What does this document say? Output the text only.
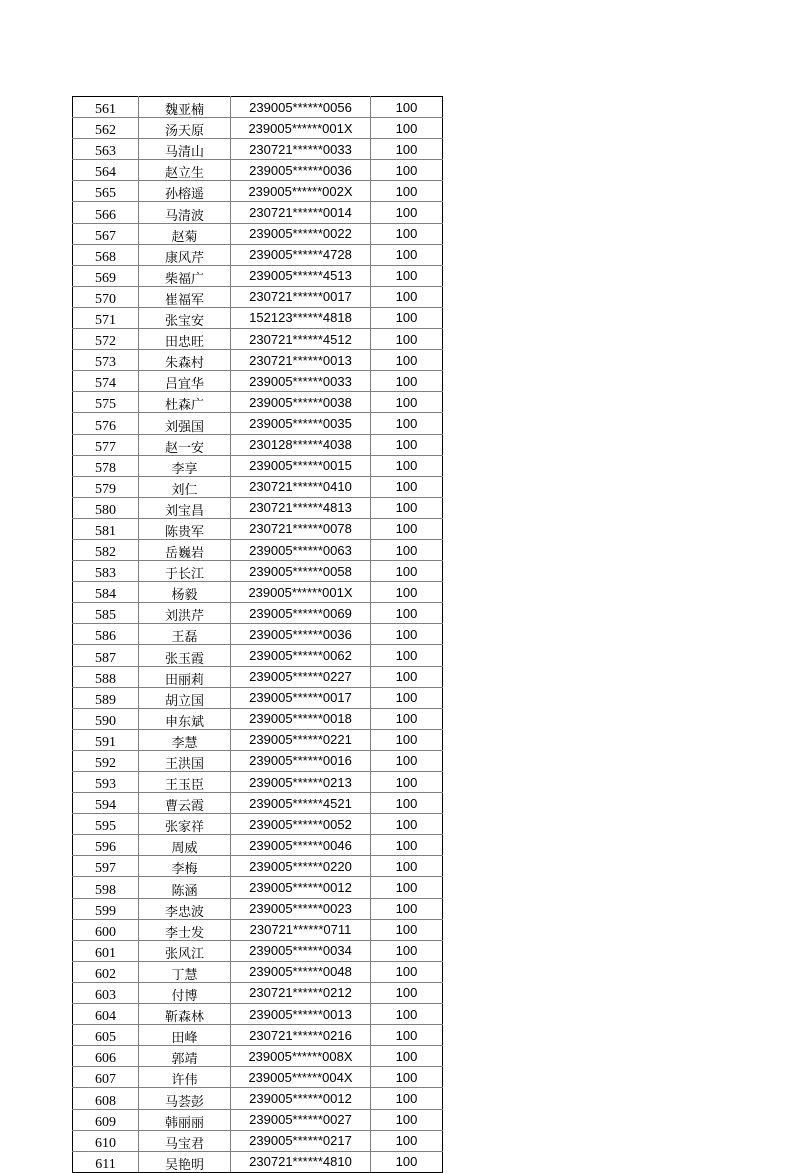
561	魏亚楠	239005******0056	100
562	汤天原	239005******001X	100
563	马清山	230721******0033	100
564	赵立生	239005******0036	100
565	孙榕遥	239005******002X	100
566	马清波	230721******0014	100
567	赵菊	239005******0022	100
568	康风芹	239005******4728	100
569	柴福广	239005******4513	100
570	崔福军	230721******0017	100
571	张宝安	152123******4818	100
572	田忠旺	230721******4512	100
573	朱森村	230721******0013	100
574	吕宜华	239005******0033	100
575	杜森广	239005******0038	100
576	刘强国	239005******0035	100
577	赵一安	230128******4038	100
578	李享	239005******0015	100
579	刘仁	230721******0410	100
580	刘宝昌	230721******4813	100
581	陈贵军	230721******0078	100
582	岳巍岩	239005******0063	100
583	于长江	239005******0058	100
584	杨毅	239005******001X	100
585	刘洪芹	239005******0069	100
586	王磊	239005******0036	100
587	张玉霞	239005******0062	100
588	田丽莉	239005******0227	100
589	胡立国	239005******0017	100
590	申东斌	239005******0018	100
591	李慧	239005******0221	100
592	王洪国	239005******0016	100
593	王玉臣	239005******0213	100
594	曹云霞	239005******4521	100
595	张家祥	239005******0052	100
596	周威	239005******0046	100
597	李梅	239005******0220	100
598	陈涵	239005******0012	100
599	李忠波	239005******0023	100
600	李士发	230721******0711	100
601	张风江	239005******0034	100
602	丁慧	239005******0048	100
603	付博	230721******0212	100
604	靳森林	239005******0013	100
605	田峰	230721******0216	100
606	郭靖	239005******008X	100
607	许伟	239005******004X	100
608	马荟彭	239005******0012	100
609	韩丽丽	239005******0027	100
610	马宝君	239005******0217	100
611	吴艳明	230721******4810	100
